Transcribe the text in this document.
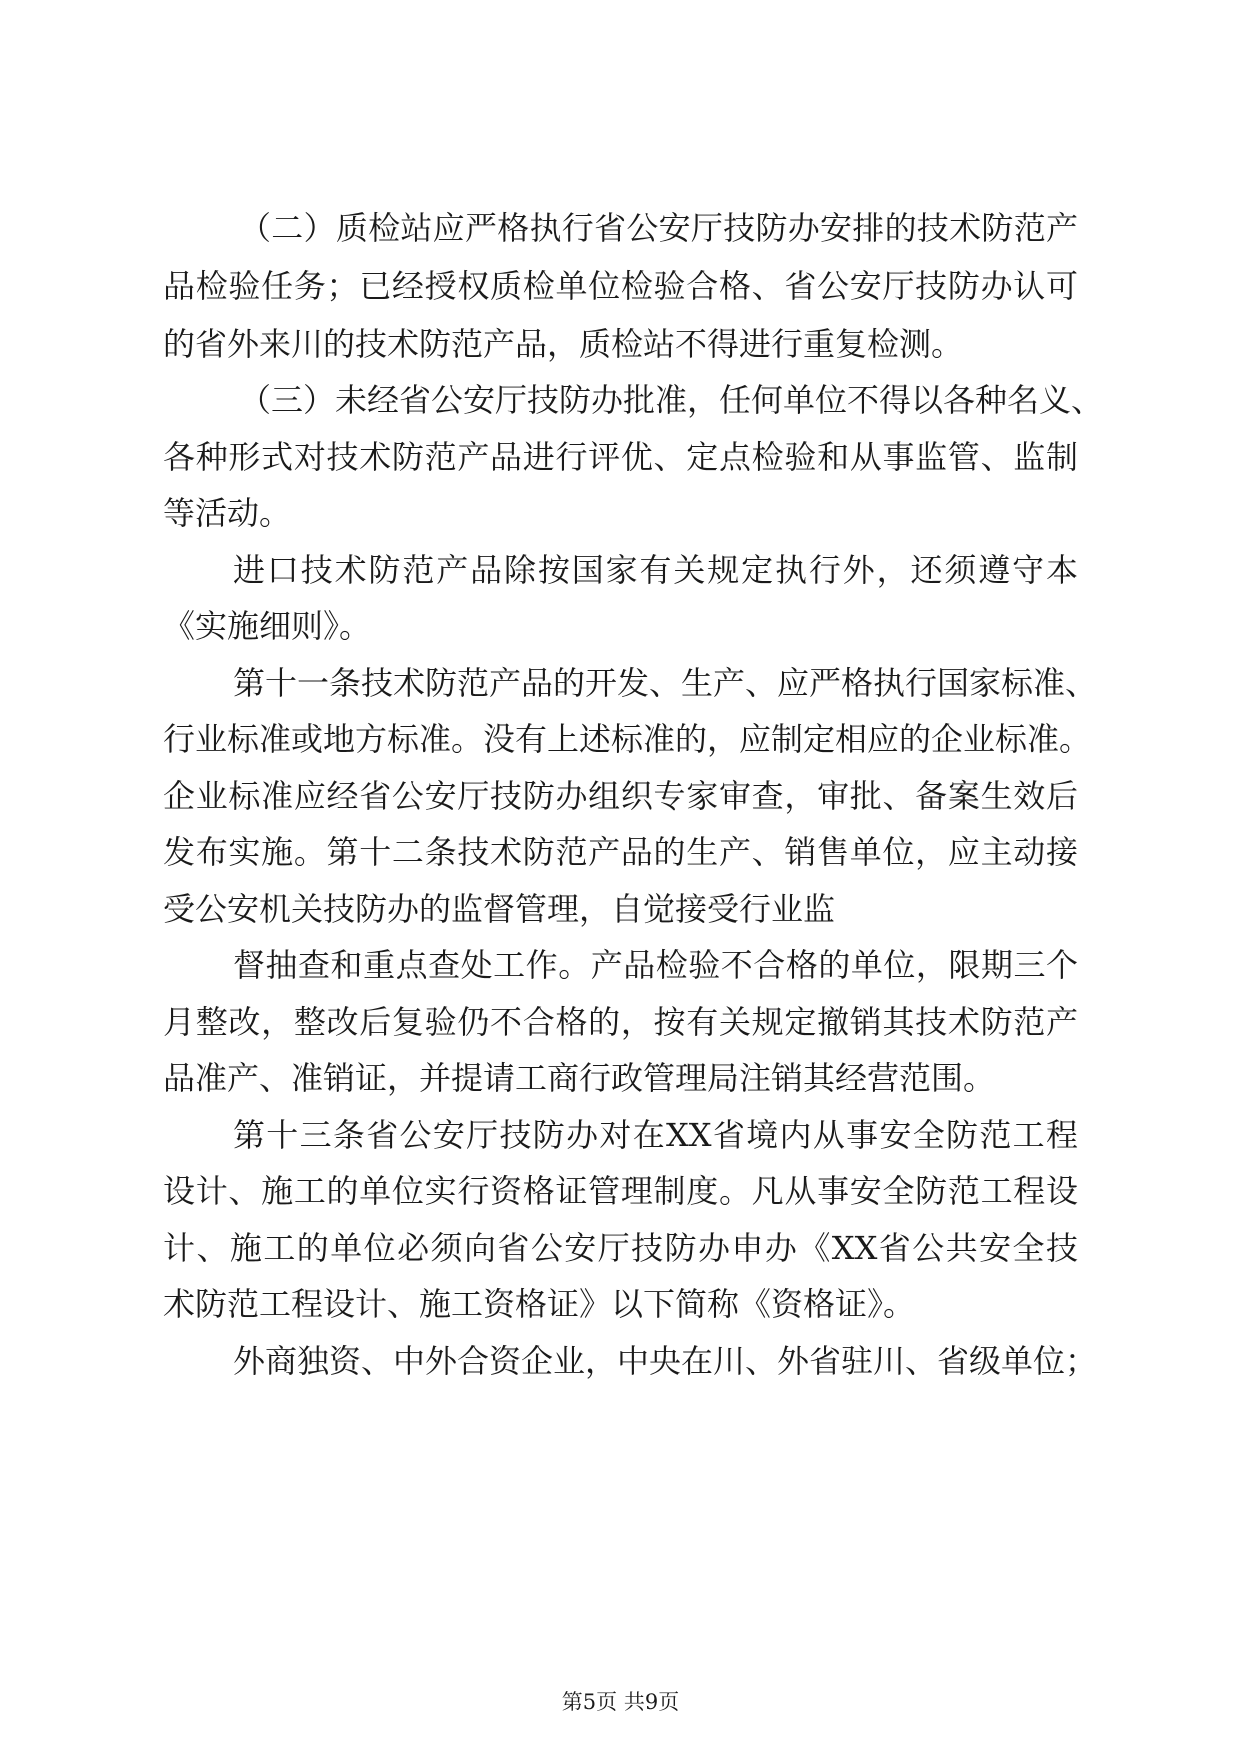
（二）质检站应严格执行省公安厅技防办安排的技术防范产
品检验任务；已经授权质检单位检验合格、省公安厅技防办认可
的省外来川的技术防范产品，质检站不得进行重复检测。
（三）未经省公安厅技防办批准，任何单位不得以各种名义、
各种形式对技术防范产品进行评优、定点检验和从事监管、监制
等活动。
进口技术防范产品除按国家有关规定执行外，还须遵守本
《实施细则》。
第十一条技术防范产品的开发、生产、应严格执行国家标准、
行业标准或地方标准。没有上述标准的，应制定相应的企业标准。
企业标准应经省公安厅技防办组织专家审查，审批、备案生效后
发布实施。第十二条技术防范产品的生产、销售单位，应主动接
受公安机关技防办的监督管理，自觉接受行业监
督抽查和重点查处工作。产品检验不合格的单位，限期三个
月整改，整改后复验仍不合格的，按有关规定撤销其技术防范产
品准产、准销证，并提请工商行政管理局注销其经营范围。
第十三条省公安厅技防办对在XX省境内从事安全防范工程
设计、施工的单位实行资格证管理制度。凡从事安全防范工程设
计、施工的单位必须向省公安厅技防办申办《XX省公共安全技
术防范工程设计、施工资格证》以下简称《资格证》。
外商独资、中外合资企业，中央在川、外省驻川、省级单位；
第5页 共9页
